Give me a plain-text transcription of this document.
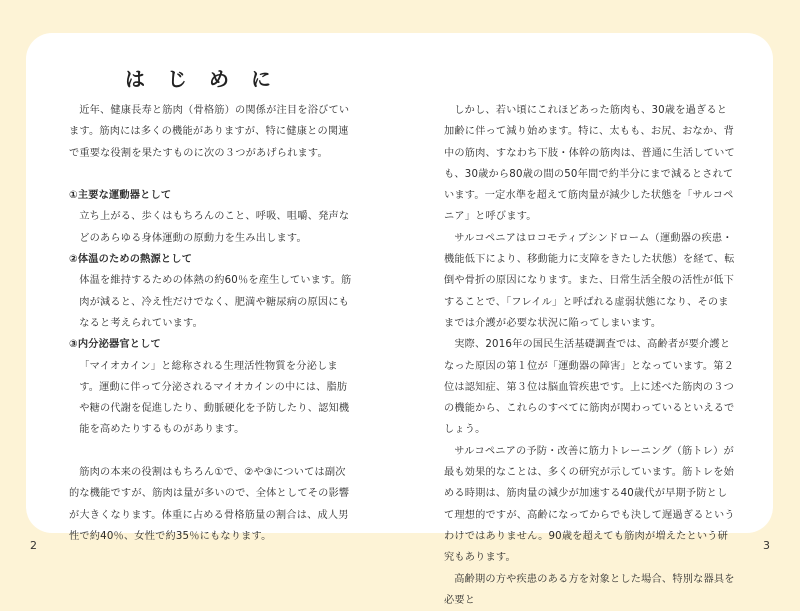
はじめに

近年、健康長寿と筋肉（骨格筋）の関係が注目を浴びています。筋肉には多くの機能がありますが、特に健康との関連で重要な役割を果たすものに次の３つがあげられます。

①主要な運動器として

立ち上がる、歩くはもちろんのこと、呼吸、咀嚼、発声などのあらゆる身体運動の原動力を生み出します。

②体温のための熱源として

体温を維持するための体熱の約60％を産生しています。筋肉が減ると、冷え性だけでなく、肥満や糖尿病の原因にもなると考えられています。

③内分泌器官として

「マイオカイン」と総称される生理活性物質を分泌します。運動に伴って分泌されるマイオカインの中には、脂肪や糖の代謝を促進したり、動脈硬化を予防したり、認知機能を高めたりするものがあります。

筋肉の本来の役割はもちろん①で、②や③については副次的な機能ですが、筋肉は量が多いので、全体としてその影響が大きくなります。体重に占める骨格筋量の割合は、成人男性で約40％、女性で約35％にもなります。

しかし、若い頃にこれほどあった筋肉も、30歳を過ぎると加齢に伴って減り始めます。特に、太もも、お尻、おなか、背中の筋肉、すなわち下肢・体幹の筋肉は、普通に生活していても、30歳から80歳の間の50年間で約半分にまで減るとされています。一定水準を超えて筋肉量が減少した状態を「サルコペニア」と呼びます。

サルコペニアはロコモティブシンドローム（運動器の疾患・機能低下により、移動能力に支障をきたした状態）を経て、転倒や骨折の原因になります。また、日常生活全般の活性が低下することで、「フレイル」と呼ばれる虚弱状態になり、そのままでは介護が必要な状況に陥ってしまいます。

実際、2016年の国民生活基礎調査では、高齢者が要介護となった原因の第１位が「運動器の障害」となっています。第２位は認知症、第３位は脳血管疾患です。上に述べた筋肉の３つの機能から、これらのすべてに筋肉が関わっているといえるでしょう。

サルコペニアの予防・改善に筋力トレーニング（筋トレ）が最も効果的なことは、多くの研究が示しています。筋トレを始める時期は、筋肉量の減少が加速する40歳代が早期予防として理想的ですが、高齢になってからでも決して遅過ぎるというわけではありません。90歳を超えても筋肉が増えたという研究もあります。

高齢期の方や疾患のある方を対象とした場合、特別な器具を必要と

2	3
